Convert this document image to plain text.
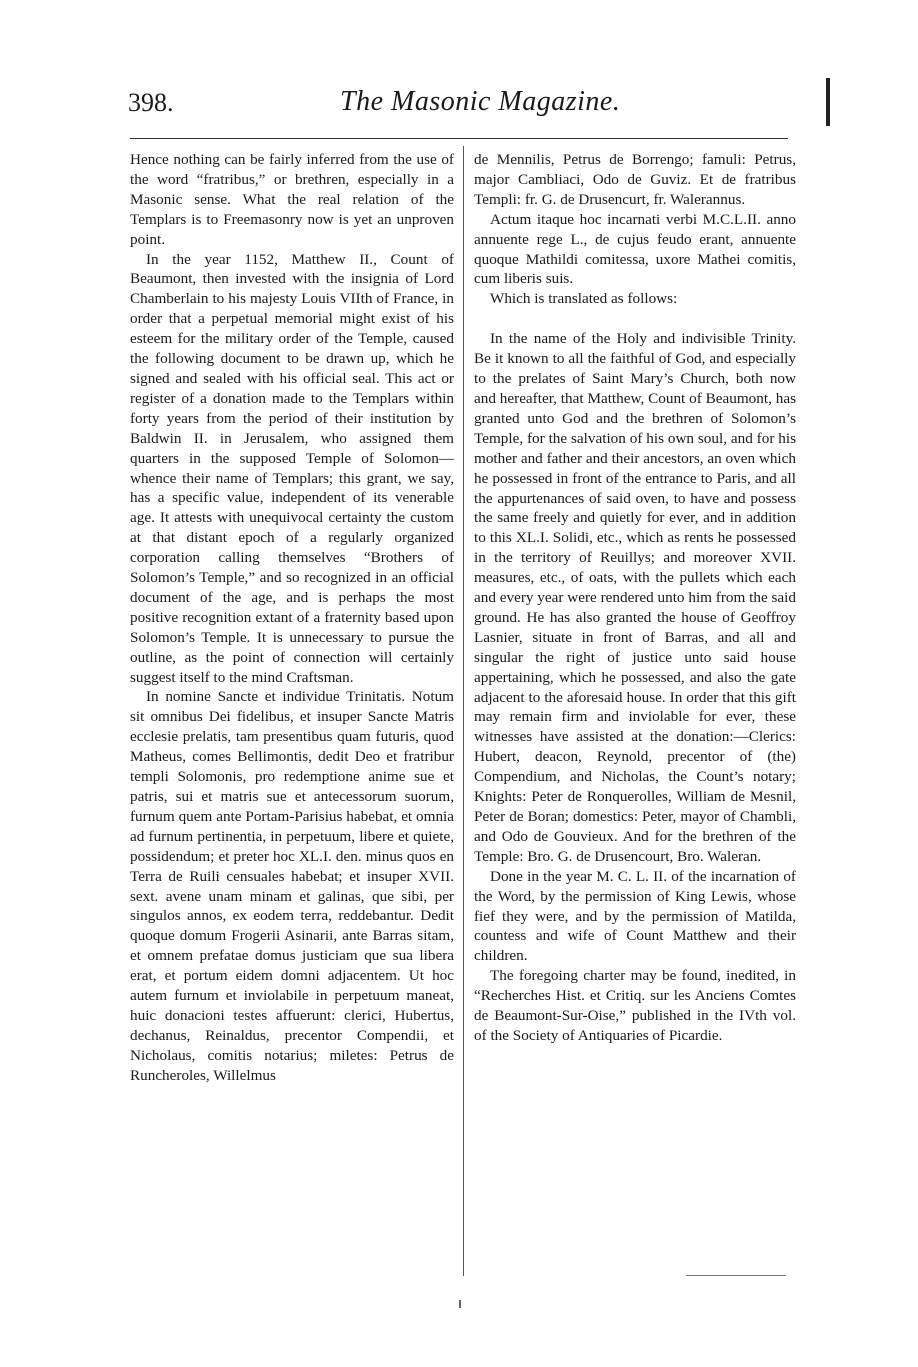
398.	The Masonic Magazine.

Hence nothing can be fairly inferred from the use of the word “fratribus,” or brethren, especially in a Masonic sense. What the real relation of the Templars is to Freemasonry now is yet an unproven point.

In the year 1152, Matthew II., Count of Beaumont, then invested with the insignia of Lord Chamberlain to his majesty Louis VIIth of France, in order that a perpetual memorial might exist of his esteem for the military order of the Temple, caused the following document to be drawn up, which he signed and sealed with his official seal. This act or register of a donation made to the Templars within forty years from the period of their institution by Baldwin II. in Jerusalem, who assigned them quarters in the supposed Temple of Solomon—whence their name of Templars; this grant, we say, has a specific value, independent of its venerable age. It attests with unequivocal certainty the custom at that distant epoch of a regularly organized corporation calling themselves “Brothers of Solomon’s Temple,” and so recognized in an official document of the age, and is perhaps the most positive recognition extant of a fraternity based upon Solomon’s Temple. It is unnecessary to pursue the outline, as the point of connection will certainly suggest itself to the mind Craftsman.

In nomine Sancte et individue Trinitatis. Notum sit omnibus Dei fidelibus, et insuper Sancte Matris ecclesie prelatis, tam presentibus quam futuris, quod Matheus, comes Bellimontis, dedit Deo et fratribur templi Solomonis, pro redemptione anime sue et patris, sui et matris sue et antecessorum suorum, furnum quem ante Portam-Parisius habebat, et omnia ad furnum pertinentia, in perpetuum, libere et quiete, possidendum; et preter hoc XL.I. den. minus quos en Terra de Ruili censuales habebat; et insuper XVII. sext. avene unam minam et galinas, que sibi, per singulos annos, ex eodem terra, reddebantur. Dedit quoque domum Frogerii Asinarii, ante Barras sitam, et omnem prefatae domus justiciam que sua libera erat, et portum eidem domni adjacentem. Ut hoc autem furnum et inviolabile in perpetuum maneat, huic donacioni testes affuerunt: clerici, Hubertus, dechanus, Reinaldus, precentor Compendii, et Nicholaus, comitis notarius; miletes: Petrus de Runcheroles, Willelmus

de Mennilis, Petrus de Borrengo; famuli: Petrus, major Cambliaci, Odo de Guviz. Et de fratribus Templi: fr. G. de Drusencurt, fr. Walerannus.

Actum itaque hoc incarnati verbi M.C.L.II. anno annuente rege L., de cujus feudo erant, annuente quoque Mathildi comitessa, uxore Mathei comitis, cum liberis suis.

Which is translated as follows:

In the name of the Holy and indivisible Trinity. Be it known to all the faithful of God, and especially to the prelates of Saint Mary’s Church, both now and hereafter, that Matthew, Count of Beaumont, has granted unto God and the brethren of Solomon’s Temple, for the salvation of his own soul, and for his mother and father and their ancestors, an oven which he possessed in front of the entrance to Paris, and all the appurtenances of said oven, to have and possess the same freely and quietly for ever, and in addition to this XL.I. Solidi, etc., which as rents he possessed in the territory of Reuillys; and moreover XVII. measures, etc., of oats, with the pullets which each and every year were rendered unto him from the said ground. He has also granted the house of Geoffroy Lasnier, situate in front of Barras, and all and singular the right of justice unto said house appertaining, which he possessed, and also the gate adjacent to the aforesaid house. In order that this gift may remain firm and inviolable for ever, these witnesses have assisted at the donation:—Clerics: Hubert, deacon, Reynold, precentor of (the) Compendium, and Nicholas, the Count’s notary; Knights: Peter de Ronquerolles, William de Mesnil, Peter de Boran; domestics: Peter, mayor of Chambli, and Odo de Gouvieux. And for the brethren of the Temple: Bro. G. de Drusencourt, Bro. Waleran.

Done in the year M. C. L. II. of the incarnation of the Word, by the permission of King Lewis, whose fief they were, and by the permission of Matilda, countess and wife of Count Matthew and their children.

The foregoing charter may be found, inedited, in “Recherches Hist. et Critiq. sur les Anciens Comtes de Beaumont-Sur-Oise,” published in the IVth vol. of the Society of Antiquaries of Picardie.
